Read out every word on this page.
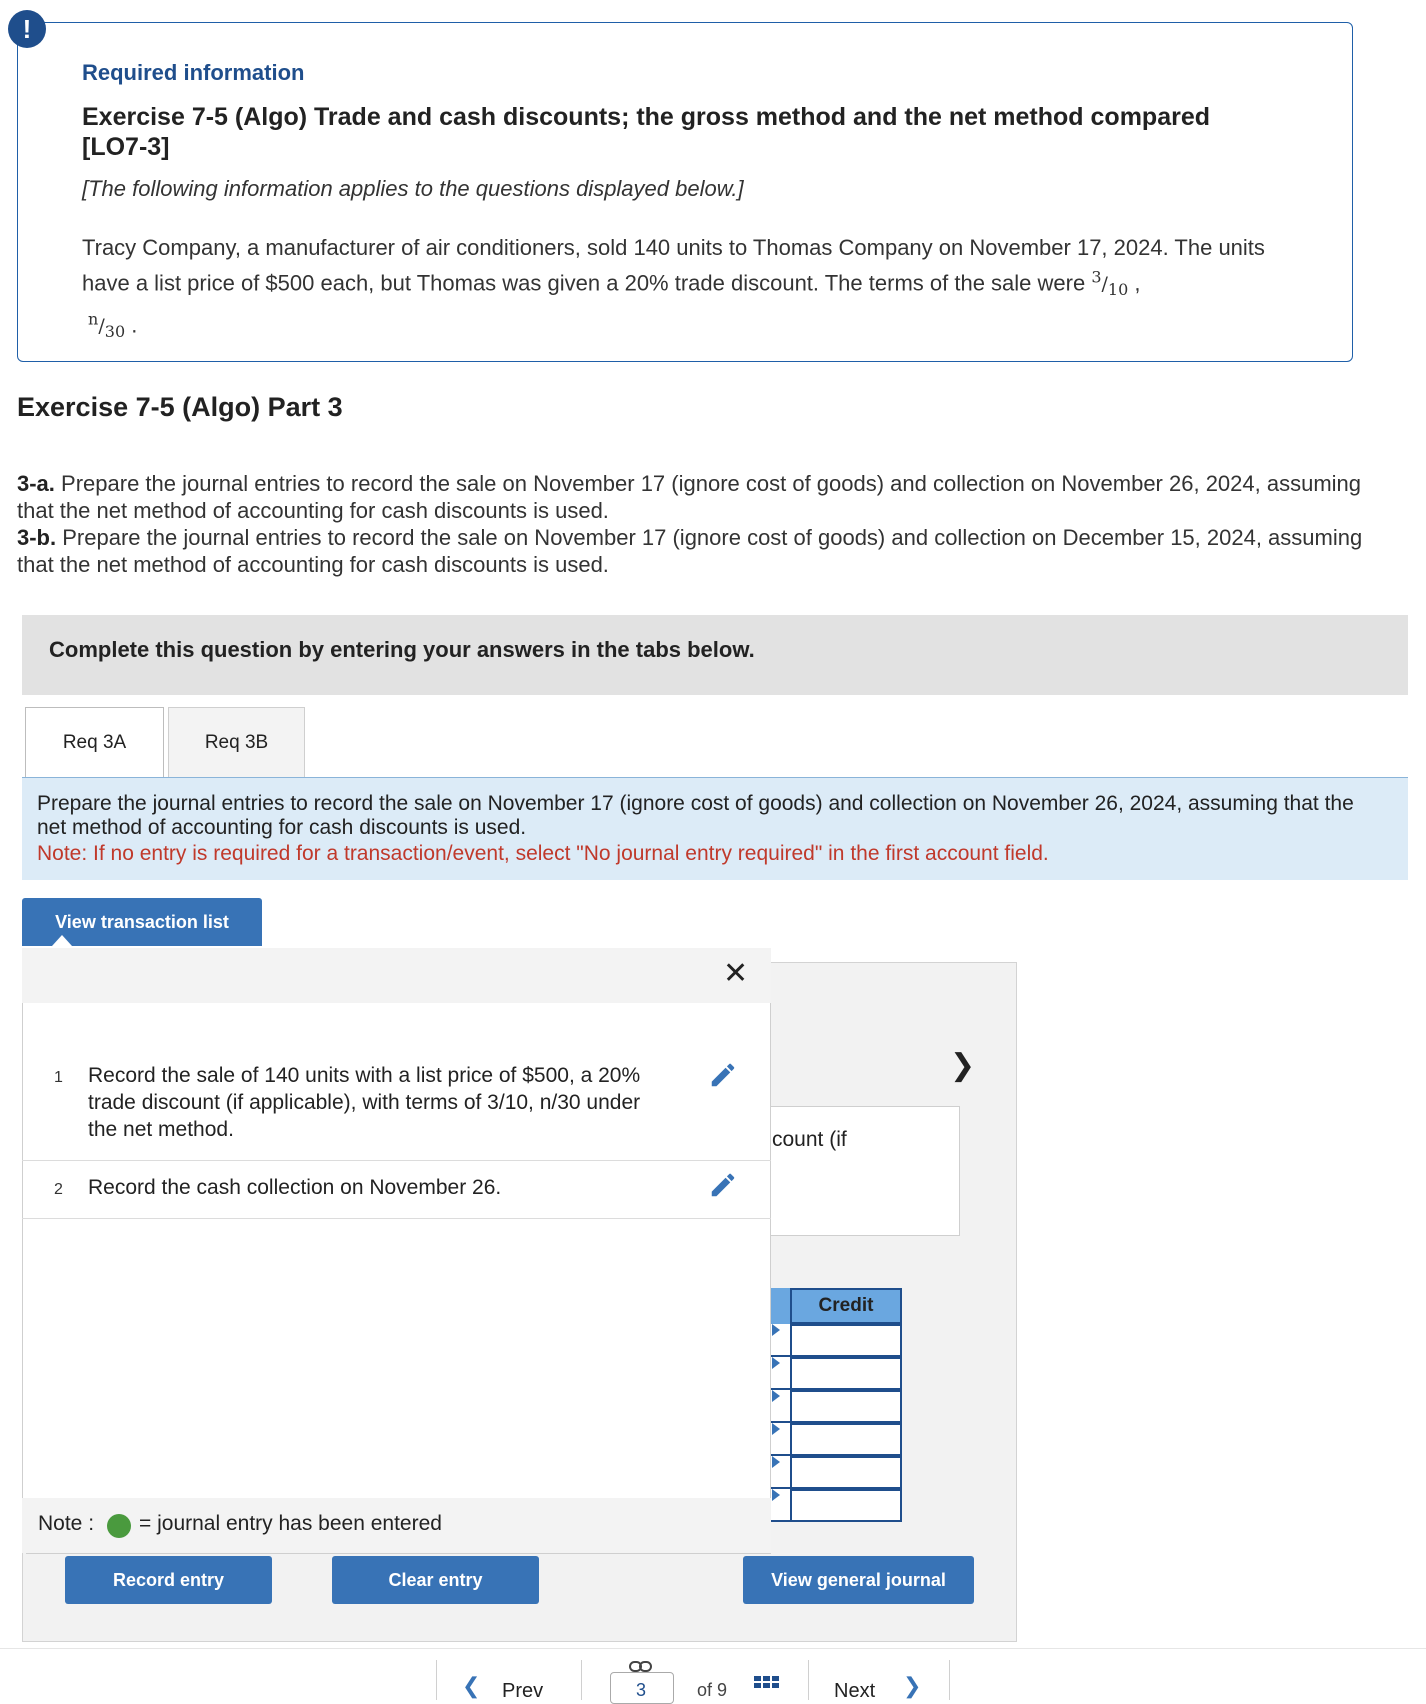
!
Required information
Exercise 7-5 (Algo) Trade and cash discounts; the gross method and the net method compared [LO7-3]
[The following information applies to the questions displayed below.]
Tracy Company, a manufacturer of air conditioners, sold 140 units to Thomas Company on November 17, 2024. The units have a list price of $500 each, but Thomas was given a 20% trade discount. The terms of the sale were $^3/_{10}$ ,
$^n/_{30}$ .
Exercise 7-5 (Algo) Part 3
3-a. Prepare the journal entries to record the sale on November 17 (ignore cost of goods) and collection on November 26, 2024, assuming that the net method of accounting for cash discounts is used.
3-b. Prepare the journal entries to record the sale on November 17 (ignore cost of goods) and collection on December 15, 2024, assuming that the net method of accounting for cash discounts is used.
Complete this question by entering your answers in the tabs below.
Req 3A	Req 3B
Prepare the journal entries to record the sale on November 17 (ignore cost of goods) and collection on November 26, 2024, assuming that the net method of accounting for cash discounts is used.
Note: If no entry is required for a transaction/event, select "No journal entry required" in the first account field.
View transaction list
❯
count (if
Credit
✕
1 Record the sale of 140 units with a list price of $500, a 20% trade discount (if applicable), with terms of 3/10, n/30 under the net method.
2 Record the cash collection on November 26.
Note : = journal entry has been entered
Record entry	Clear entry	View general journal
❮ Prev	3	of 9	Next ❯
